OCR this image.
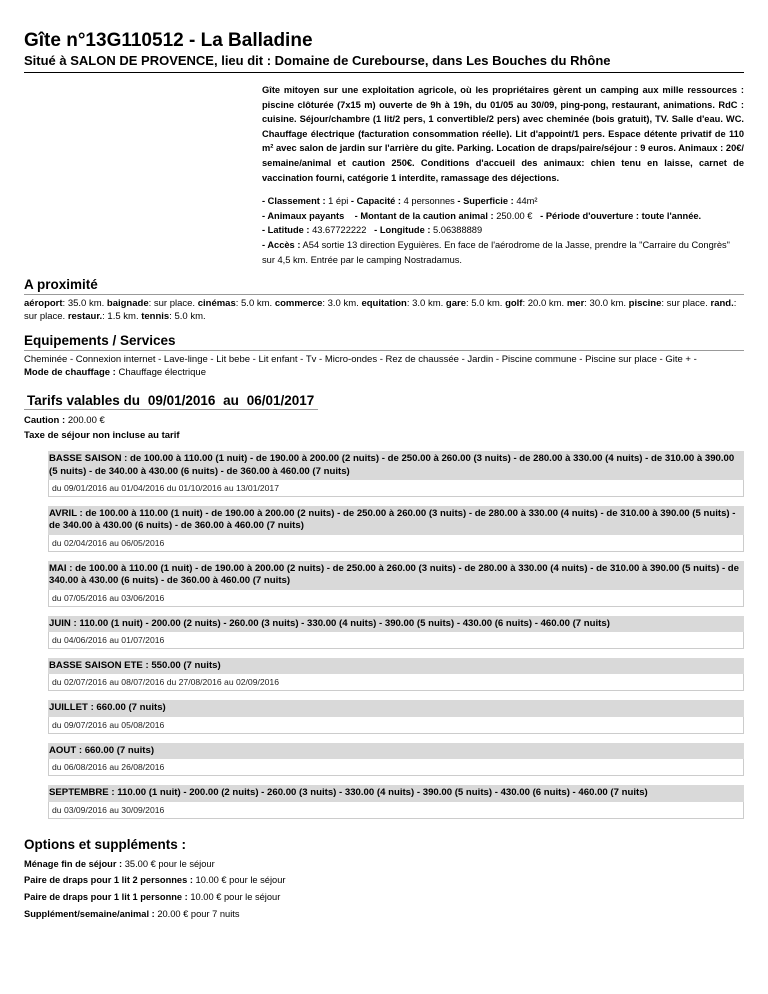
Gîte n°13G110512 - La Balladine
Situé à SALON DE PROVENCE, lieu dit : Domaine de Curebourse, dans Les Bouches du Rhône
Gîte mitoyen sur une exploitation agricole, où les propriétaires gèrent un camping aux mille ressources : piscine clôturée (7x15 m) ouverte de 9h à 19h, du 01/05 au 30/09, ping-pong, restaurant, animations. RdC : cuisine. Séjour/chambre (1 lit/2 pers, 1 convertible/2 pers) avec cheminée (bois gratuit), TV. Salle d'eau. WC. Chauffage électrique (facturation consommation réelle). Lit d'appoint/1 pers. Espace détente privatif de 110 m² avec salon de jardin sur l'arrière du gîte. Parking. Location de draps/paire/séjour : 9 euros. Animaux : 20€/ semaine/animal et caution 250€. Conditions d'accueil des animaux: chien tenu en laisse, carnet de vaccination fourni, catégorie 1 interdite, ramassage des déjections.
- Classement : 1 épi - Capacité : 4 personnes - Superficie : 44m²
- Animaux payants - Montant de la caution animal : 250.00 € - Période d'ouverture : toute l'année.
- Latitude : 43.67722222 - Longitude : 5.06388889
- Accès : A54 sortie 13 direction Eyguières. En face de l'aérodrome de la Jasse, prendre la "Carraire du Congrès" sur 4,5 km. Entrée par le camping Nostradamus.
A proximité
aéroport: 35.0 km. baignade: sur place. cinémas: 5.0 km. commerce: 3.0 km. equitation: 3.0 km. gare: 5.0 km. golf: 20.0 km. mer: 30.0 km. piscine: sur place. rand.: sur place. restaur.: 1.5 km. tennis: 5.0 km.
Equipements / Services
Cheminée - Connexion internet - Lave-linge - Lit bebe - Lit enfant - Tv - Micro-ondes - Rez de chaussée - Jardin - Piscine commune - Piscine sur place - Gite + -
Mode de chauffage : Chauffage électrique
Tarifs valables du 09/01/2016 au 06/01/2017
Caution : 200.00 €
Taxe de séjour non incluse au tarif
BASSE SAISON : de 100.00 à 110.00 (1 nuit) - de 190.00 à 200.00 (2 nuits) - de 250.00 à 260.00 (3 nuits) - de 280.00 à 330.00 (4 nuits) - de 310.00 à 390.00 (5 nuits) - de 340.00 à 430.00 (6 nuits) - de 360.00 à 460.00 (7 nuits)
du 09/01/2016 au 01/04/2016 du 01/10/2016 au 13/01/2017
AVRIL : de 100.00 à 110.00 (1 nuit) - de 190.00 à 200.00 (2 nuits) - de 250.00 à 260.00 (3 nuits) - de 280.00 à 330.00 (4 nuits) - de 310.00 à 390.00 (5 nuits) - de 340.00 à 430.00 (6 nuits) - de 360.00 à 460.00 (7 nuits)
du 02/04/2016 au 06/05/2016
MAI : de 100.00 à 110.00 (1 nuit) - de 190.00 à 200.00 (2 nuits) - de 250.00 à 260.00 (3 nuits) - de 280.00 à 330.00 (4 nuits) - de 310.00 à 390.00 (5 nuits) - de 340.00 à 430.00 (6 nuits) - de 360.00 à 460.00 (7 nuits)
du 07/05/2016 au 03/06/2016
JUIN : 110.00 (1 nuit) - 200.00 (2 nuits) - 260.00 (3 nuits) - 330.00 (4 nuits) - 390.00 (5 nuits) - 430.00 (6 nuits) - 460.00 (7 nuits)
du 04/06/2016 au 01/07/2016
BASSE SAISON ETE : 550.00 (7 nuits)
du 02/07/2016 au 08/07/2016 du 27/08/2016 au 02/09/2016
JUILLET : 660.00 (7 nuits)
du 09/07/2016 au 05/08/2016
AOUT : 660.00 (7 nuits)
du 06/08/2016 au 26/08/2016
SEPTEMBRE : 110.00 (1 nuit) - 200.00 (2 nuits) - 260.00 (3 nuits) - 330.00 (4 nuits) - 390.00 (5 nuits) - 430.00 (6 nuits) - 460.00 (7 nuits)
du 03/09/2016 au 30/09/2016
Options et suppléments :
Ménage fin de séjour : 35.00 € pour le séjour
Paire de draps pour 1 lit 2 personnes : 10.00 € pour le séjour
Paire de draps pour 1 lit 1 personne : 10.00 € pour le séjour
Supplément/semaine/animal : 20.00 € pour 7 nuits
